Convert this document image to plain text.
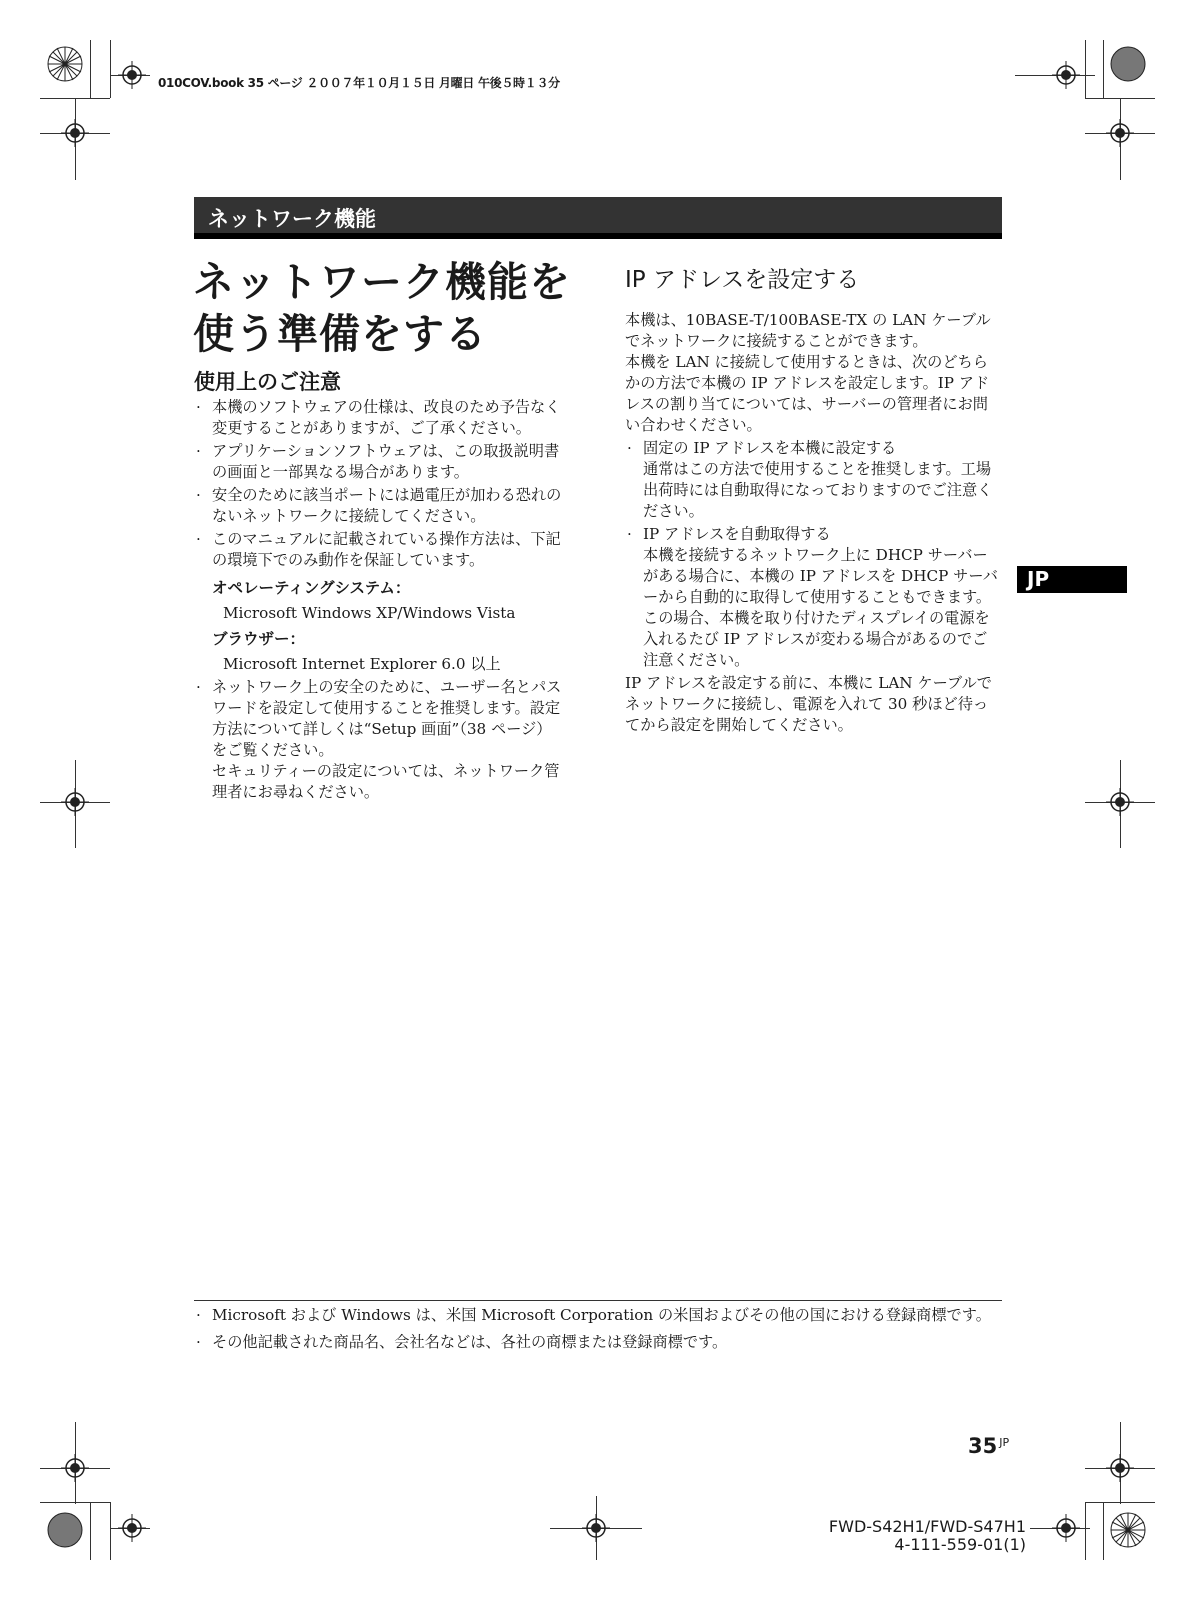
010COV.book 35 ページ ２００７年１０月１５日 月曜日 午後５時１３分
ネットワーク機能
ネットワーク機能を
使う準備をする
使用上のご注意
· 本機のソフトウェアの仕様は、改良のため予告なく変更することがありますが、ご了承ください。
· アプリケーションソフトウェアは、この取扱説明書の画面と一部異なる場合があります。
· 安全のために該当ポートには過電圧が加わる恐れのないネットワークに接続してください。
· このマニュアルに記載されている操作方法は、下記の環境下でのみ動作を保証しています。
オペレーティングシステム：
Microsoft Windows XP/Windows Vista
ブラウザー：
Microsoft Internet Explorer 6.0 以上
· ネットワーク上の安全のために、ユーザー名とパスワードを設定して使用することを推奨します。設定方法について詳しくは“Setup 画面”（38 ページ）をご覧ください。
セキュリティーの設定については、ネットワーク管理者にお尋ねください。
IP アドレスを設定する
本機は、10BASE-T/100BASE-TX の LAN ケーブルでネットワークに接続することができます。
本機を LAN に接続して使用するときは、次のどちらかの方法で本機の IP アドレスを設定します。IP アドレスの割り当てについては、サーバーの管理者にお問い合わせください。
· 固定の IP アドレスを本機に設定する
通常はこの方法で使用することを推奨します。工場出荷時には自動取得になっておりますのでご注意ください。
· IP アドレスを自動取得する
本機を接続するネットワーク上に DHCP サーバーがある場合に、本機の IP アドレスを DHCP サーバーから自動的に取得して使用することもできます。この場合、本機を取り付けたディスプレイの電源を入れるたび IP アドレスが変わる場合があるのでご注意ください。
IP アドレスを設定する前に、本機に LAN ケーブルでネットワークに接続し、電源を入れて 30 秒ほど待ってから設定を開始してください。
JP
· Microsoft および Windows は、米国 Microsoft Corporation の米国およびその他の国における登録商標です。
· その他記載された商品名、会社名などは、各社の商標または登録商標です。
35 $^{JP}$
FWD-S42H1/FWD-S47H1
4-111-559-01(1)
